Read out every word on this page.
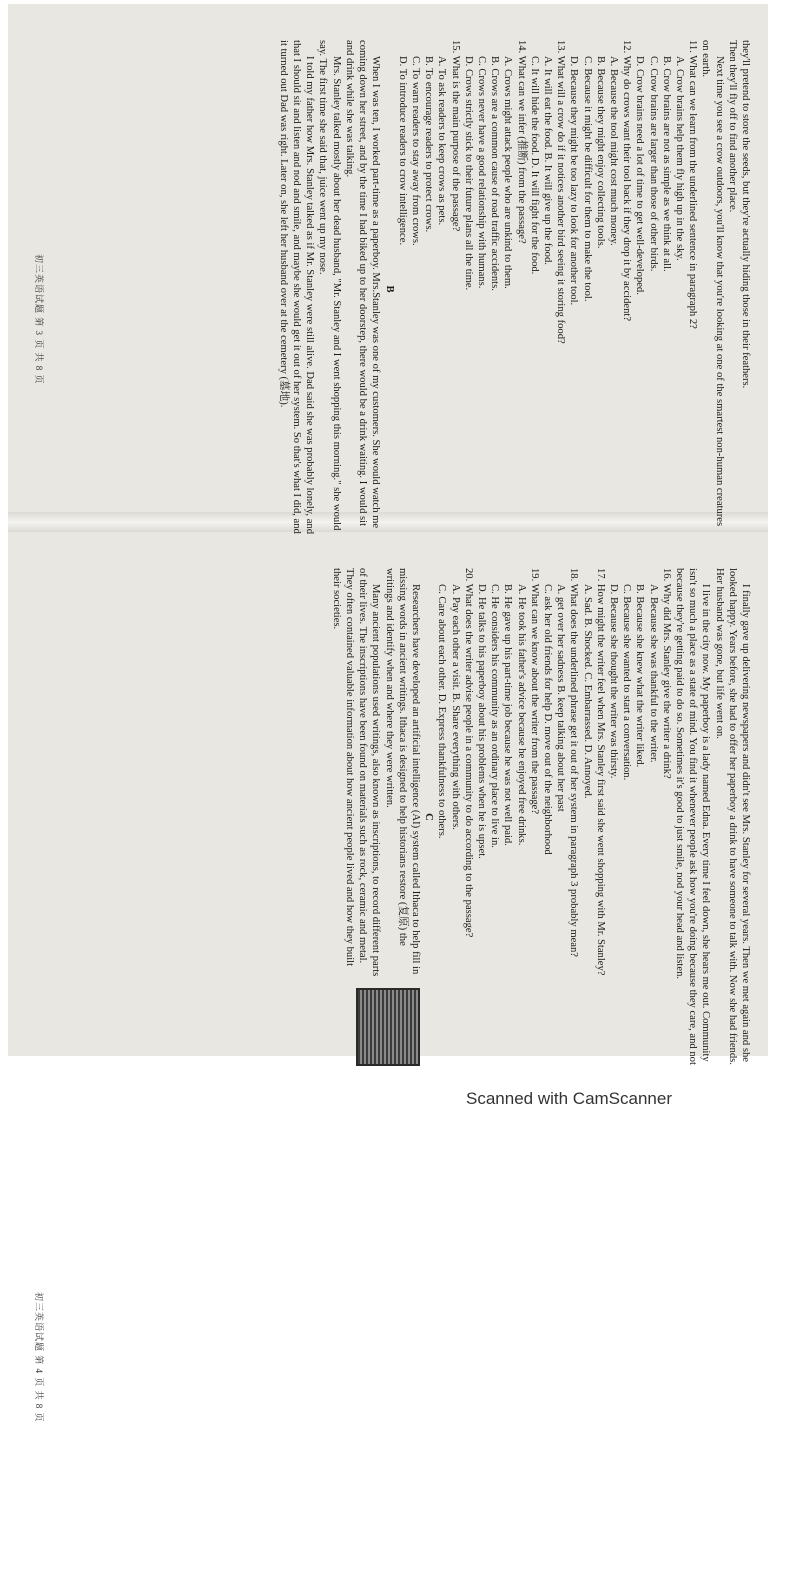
they'll pretend to store the seeds, but they're actually hiding those in their feathers.
Then they'll fly off to find another place.
Next time you see a crow outdoors, you'll know that you're looking at one of the smartest non-human creatures on earth.
11. What can we learn from the underlined sentence in paragraph 2?
A. Crow brains help them fly high up in the sky.
B. Crow brains are not as simple as we think at all.
C. Crow brains are larger than those of other birds.
D. Crow brains need a lot of time to get well-developed.
12. Why do crows want their tool back if they drop it by accident?
A. Because the tool might cost much money.
B. Because they might enjoy collecting tools.
C. Because it might be difficult for them to make the tool.
D. Because they might be too lazy to look for another tool.
13. What will a crow do if it notices another bird seeing it storing food?
A. It will eat the food. B. It will give up the food.
C. It will hide the food. D. It will fight for the food.
14. What can we infer (推断) from the passage?
A. Crows might attack people who are unkind to them.
B. Crows are a common cause of road traffic accidents.
C. Crows never have a good relationship with humans.
D. Crows strictly stick to their future plans all the time.
15. What is the main purpose of the passage?
A. To ask readers to keep crows as pets.
B. To encourage readers to protect crows.
C. To warn readers to stay away from crows.
D. To introduce readers to crow intelligence.
B
When I was ten, I worked part-time as a paperboy. Mrs.Stanley was one of my customers. She would watch me coming down her street, and by the time I had biked up to her doorstep, there would be a drink waiting. I would sit and drink while she was talking.
Mrs. Stanley talked mostly about her dead husband, "Mr. Stanley and I went shopping this morning." she would say. The first time she said that, juice went up my nose.
I told my father how Mrs. Stanley talked as if Mr. Stanley were still alive. Dad said she was probably lonely, and that I should sit and listen and nod and smile, and maybe she would get it out of her system. So that's what I did, and it turned out Dad was right. Later on, she left her husband over at the cemetery (墓地).
初三英语试题 第 3 页 共 8 页
I finally gave up delivering newspapers and didn't see Mrs. Stanley for several years. Then we met again and she looked happy. Years before, she had to offer her paperboy a drink to have someone to talk with. Now she had friends. Her husband was gone, but life went on.
I live in the city now. My paperboy is a lady named Edna. Every time I feel down, she hears me out. Community isn't so much a place as a state of mind. You find it whenever people ask how you're doing because they care, and not because they're getting paid to do so. Sometimes it's good to just smile, nod your head and listen.
16. Why did Mrs. Stanley give the writer a drink?
A. Because she was thankful to the writer.
B. Because she knew what the writer liked.
C. Because she wanted to start a conversation.
D. Because she thought the writer was thirsty.
17. How might the writer feel when Mrs. Stanley first said she went shopping with Mr. Stanley?
A. Sad. B. Shocked. C. Embarrassed. D. Annoyed.
18. What does the underlined phrase get it out of her system in paragraph 3 probably mean?
A. get over her sadness B. keep talking about her past
C. ask her old friends for help D. move out of the neighborhood
19. What can we know about the writer from the passage?
A. He took his father's advice because he enjoyed free drinks.
B. He gave up his part-time job because he was not well paid.
C. He considers his community as an ordinary place to live in.
D. He talks to his paperboy about his problems when he is upset.
20. What does the writer advise people in a community to do according to the passage?
A. Pay each other a visit. B. Share everything with others.
C. Care about each other. D. Express thankfulness to others.
C
Researchers have developed an artificial intelligence (AI) system called Ithaca to help fill in missing words in ancient writings. Ithaca is designed to help historians restore (复原) the writings and identify when and where they were written.
Many ancient populations used writings, also known as inscriptions, to record different parts of their lives. The inscriptions have been found on materials such as rock, ceramic and metal. They often contained valuable information about how ancient people lived and how they built their societies.
初三英语试题 第 4 页 共 8 页
Scanned with CamScanner
